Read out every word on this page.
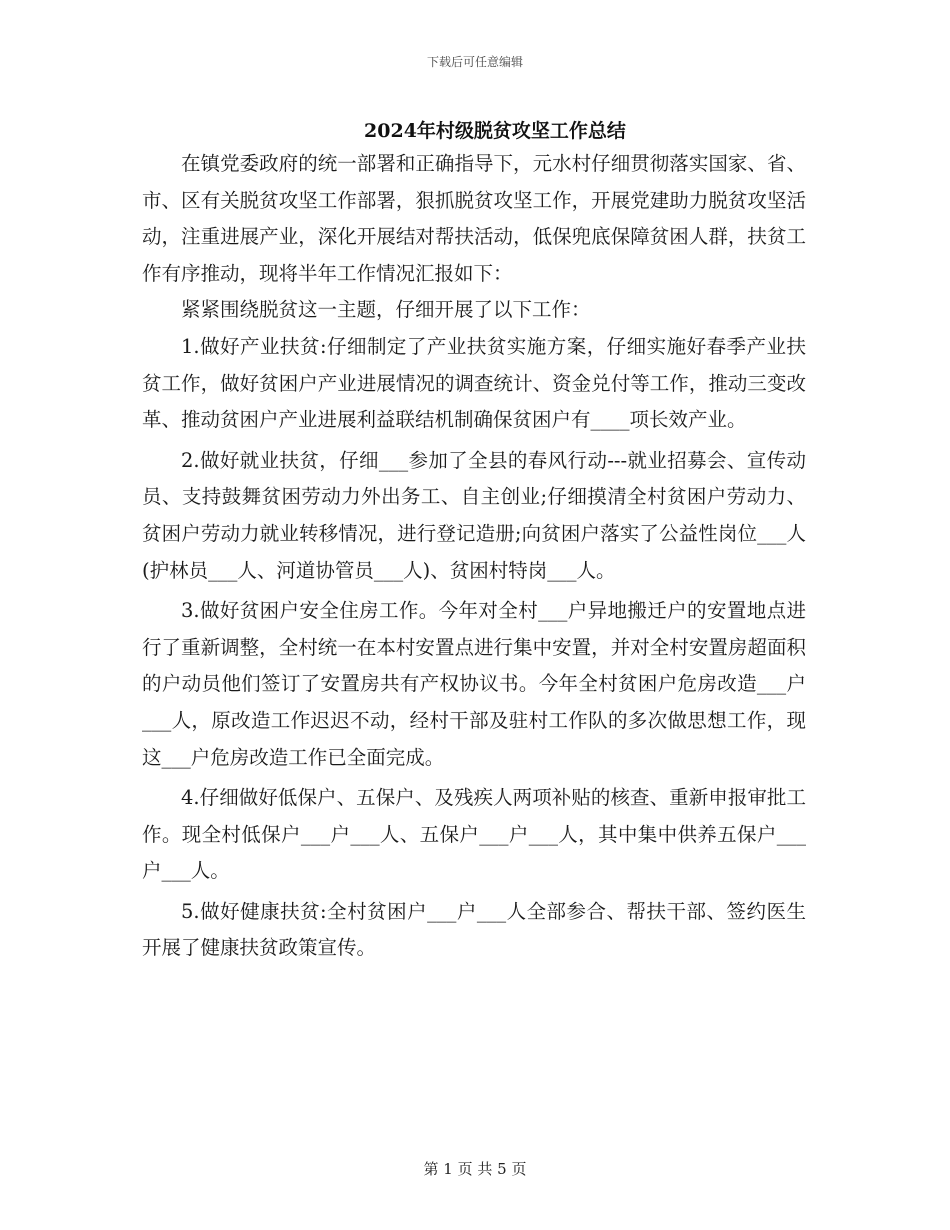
下载后可任意编辑
2024年村级脱贫攻坚工作总结

在镇党委政府的统一部署和正确指导下，元水村仔细贯彻落实国家、省、市、区有关脱贫攻坚工作部署，狠抓脱贫攻坚工作，开展党建助力脱贫攻坚活动，注重进展产业，深化开展结对帮扶活动，低保兜底保障贫困人群，扶贫工作有序推动，现将半年工作情况汇报如下：

紧紧围绕脱贫这一主题，仔细开展了以下工作：

1.做好产业扶贫:仔细制定了产业扶贫实施方案，仔细实施好春季产业扶贫工作，做好贫困户产业进展情况的调查统计、资金兑付等工作，推动三变改革、推动贫困户产业进展利益联结机制确保贫困户有____项长效产业。

2.做好就业扶贫，仔细___参加了全县的春风行动---就业招募会、宣传动员、支持鼓舞贫困劳动力外出务工、自主创业;仔细摸清全村贫困户劳动力、贫困户劳动力就业转移情况，进行登记造册;向贫困户落实了公益性岗位___人(护林员___人、河道协管员___人)、贫困村特岗___人。

3.做好贫困户安全住房工作。今年对全村___户异地搬迁户的安置地点进行了重新调整，全村统一在本村安置点进行集中安置，并对全村安置房超面积的户动员他们签订了安置房共有产权协议书。今年全村贫困户危房改造___户___人，原改造工作迟迟不动，经村干部及驻村工作队的多次做思想工作，现这___户危房改造工作已全面完成。

4.仔细做好低保户、五保户、及残疾人两项补贴的核查、重新申报审批工作。现全村低保户___户___人、五保户___户___人，其中集中供养五保户___户___人。

5.做好健康扶贫:全村贫困户___户___人全部参合、帮扶干部、签约医生开展了健康扶贫政策宣传。

第 1 页 共 5 页
